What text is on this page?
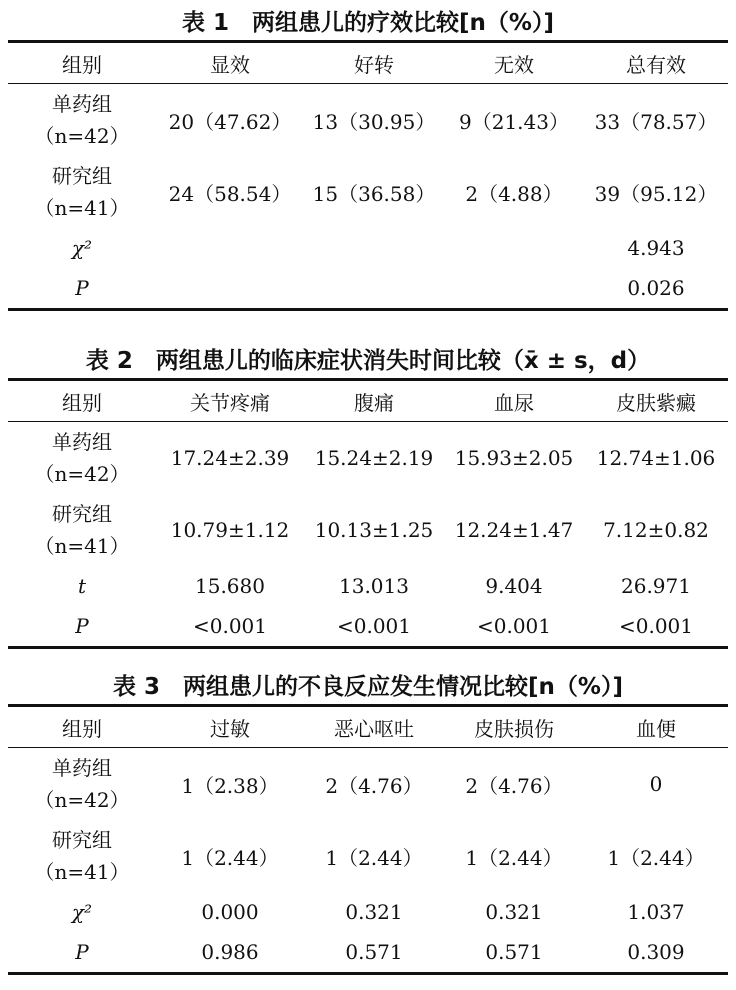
表 1　两组患儿的疗效比较[n（%）]
组别	显效	好转	无效	总有效

单药组
（n=42）	20（47.62）	13（30.95）	9（21.43）	33（78.57）

研究组
（n=41）	24（58.54）	15（36.58）	2（4.88）	39（95.12）
χ²				4.943
P				0.026
表 2　两组患儿的临床症状消失时间比较（x̄ ± s，d）
组别	关节疼痛	腹痛	血尿	皮肤紫癜

单药组
（n=42）	17.24±2.39	15.24±2.19	15.93±2.05	12.74±1.06

研究组
（n=41）	10.79±1.12	10.13±1.25	12.24±1.47	7.12±0.82
t	15.680	13.013	9.404	26.971
P	<0.001	<0.001	<0.001	<0.001
表 3　两组患儿的不良反应发生情况比较[n（%）]
组别	过敏	恶心呕吐	皮肤损伤	血便

单药组
（n=42）	1（2.38）	2（4.76）	2（4.76）	0

研究组
（n=41）	1（2.44）	1（2.44）	1（2.44）	1（2.44）
χ²	0.000	0.321	0.321	1.037
P	0.986	0.571	0.571	0.309
